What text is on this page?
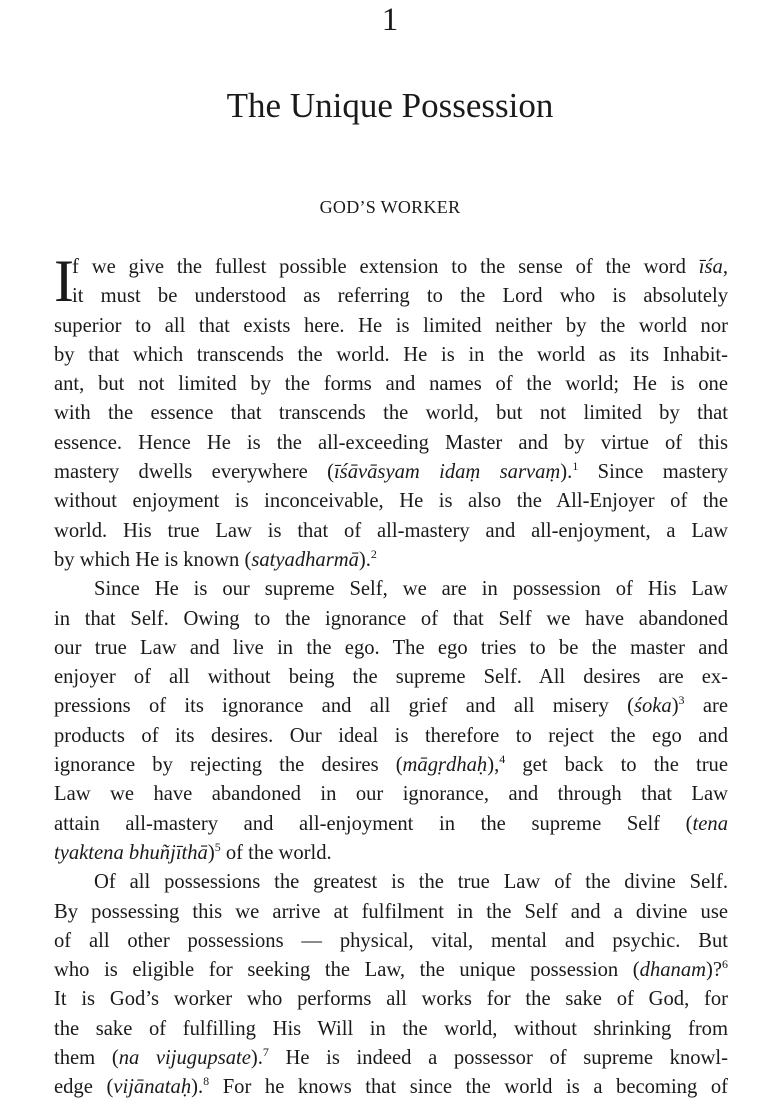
1
The Unique Possession
GOD’S WORKER
I
f we give the fullest possible extension to the sense of the word īśa,
it must be understood as referring to the Lord who is absolutely
superior to all that exists here. He is limited neither by the world nor
by that which transcends the world. He is in the world as its Inhabit-
ant, but not limited by the forms and names of the world; He is one
with the essence that transcends the world, but not limited by that
essence. Hence He is the all-exceeding Master and by virtue of this
mastery dwells everywhere (īśāvāsyam idaṃ sarvaṃ).$^1$ Since mastery
without enjoyment is inconceivable, He is also the All-Enjoyer of the
world. His true Law is that of all-mastery and all-enjoyment, a Law
by which He is known (satyadharmā).$^2$
Since He is our supreme Self, we are in possession of His Law
in that Self. Owing to the ignorance of that Self we have abandoned
our true Law and live in the ego. The ego tries to be the master and
enjoyer of all without being the supreme Self. All desires are ex-
pressions of its ignorance and all grief and all misery (śoka)$^3$ are
products of its desires. Our ideal is therefore to reject the ego and
ignorance by rejecting the desires (māgṛdhaḥ),$^4$ get back to the true
Law we have abandoned in our ignorance, and through that Law
attain all-mastery and all-enjoyment in the supreme Self (tena
tyaktena bhuñjīthā)$^5$ of the world.
Of all possessions the greatest is the true Law of the divine Self.
By possessing this we arrive at fulfilment in the Self and a divine use
of all other possessions — physical, vital, mental and psychic. But
who is eligible for seeking the Law, the unique possession (dhanam)?$^6$
It is God’s worker who performs all works for the sake of God, for
the sake of fulfilling His Will in the world, without shrinking from
them (na vijugupsate).$^7$ He is indeed a possessor of supreme knowl-
edge (vijānataḥ).$^8$ For he knows that since the world is a becoming of
